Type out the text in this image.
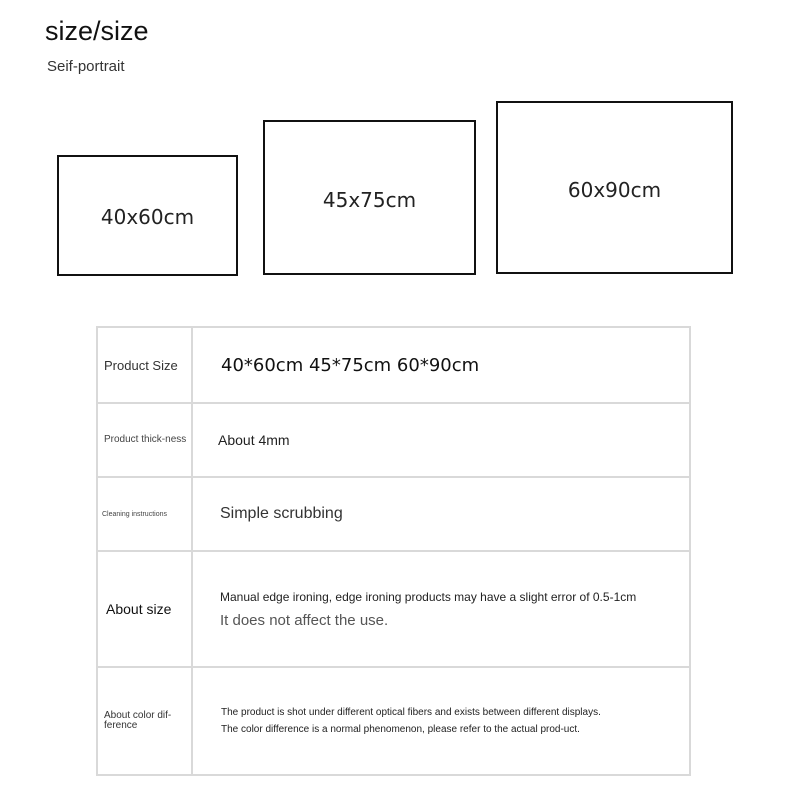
size/size
Seif-portrait
40x60cm
45x75cm	60x90cm
Product Size	40*60cm 45*75cm 60*90cm

Product thick-ness	About 4mm

Cleaning instructions	Simple scrubbing

About size	Manual edge ironing, edge ironing products may have a slight error of 0.5-1cm
It does not affect the use.

About color dif-ference	The product is shot under different optical fibers and exists between different displays.
The color difference is a normal phenomenon, please refer to the actual prod-uct.
